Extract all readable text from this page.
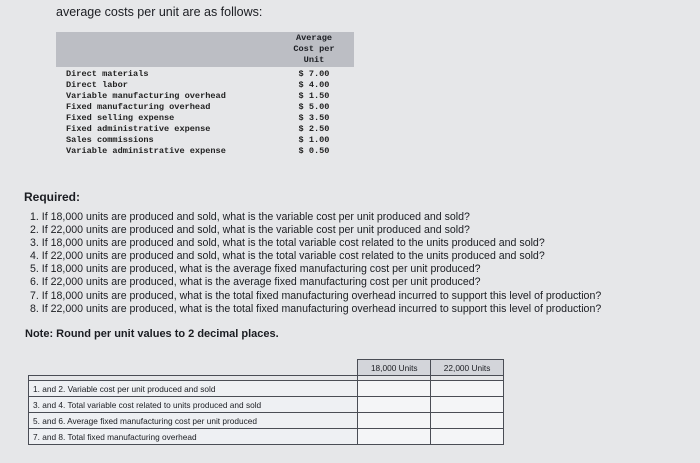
average costs per unit are as follows:
	Average
Cost per
Unit
Direct materials	$ 7.00
Direct labor	$ 4.00
Variable manufacturing overhead	$ 1.50
Fixed manufacturing overhead	$ 5.00
Fixed selling expense	$ 3.50
Fixed administrative expense	$ 2.50
Sales commissions	$ 1.00
Variable administrative expense	$ 0.50
Required:
1. If 18,000 units are produced and sold, what is the variable cost per unit produced and sold?
2. If 22,000 units are produced and sold, what is the variable cost per unit produced and sold?
3. If 18,000 units are produced and sold, what is the total variable cost related to the units produced and sold?
4. If 22,000 units are produced and sold, what is the total variable cost related to the units produced and sold?
5. If 18,000 units are produced, what is the average fixed manufacturing cost per unit produced?
6. If 22,000 units are produced, what is the average fixed manufacturing cost per unit produced?
7. If 18,000 units are produced, what is the total fixed manufacturing overhead incurred to support this level of production?
8. If 22,000 units are produced, what is the total fixed manufacturing overhead incurred to support this level of production?
Note: Round per unit values to 2 decimal places.
	18,000 Units	22,000 Units

1. and 2. Variable cost per unit produced and sold		
3. and 4. Total variable cost related to units produced and sold		
5. and 6. Average fixed manufacturing cost per unit produced		
7. and 8. Total fixed manufacturing overhead		
